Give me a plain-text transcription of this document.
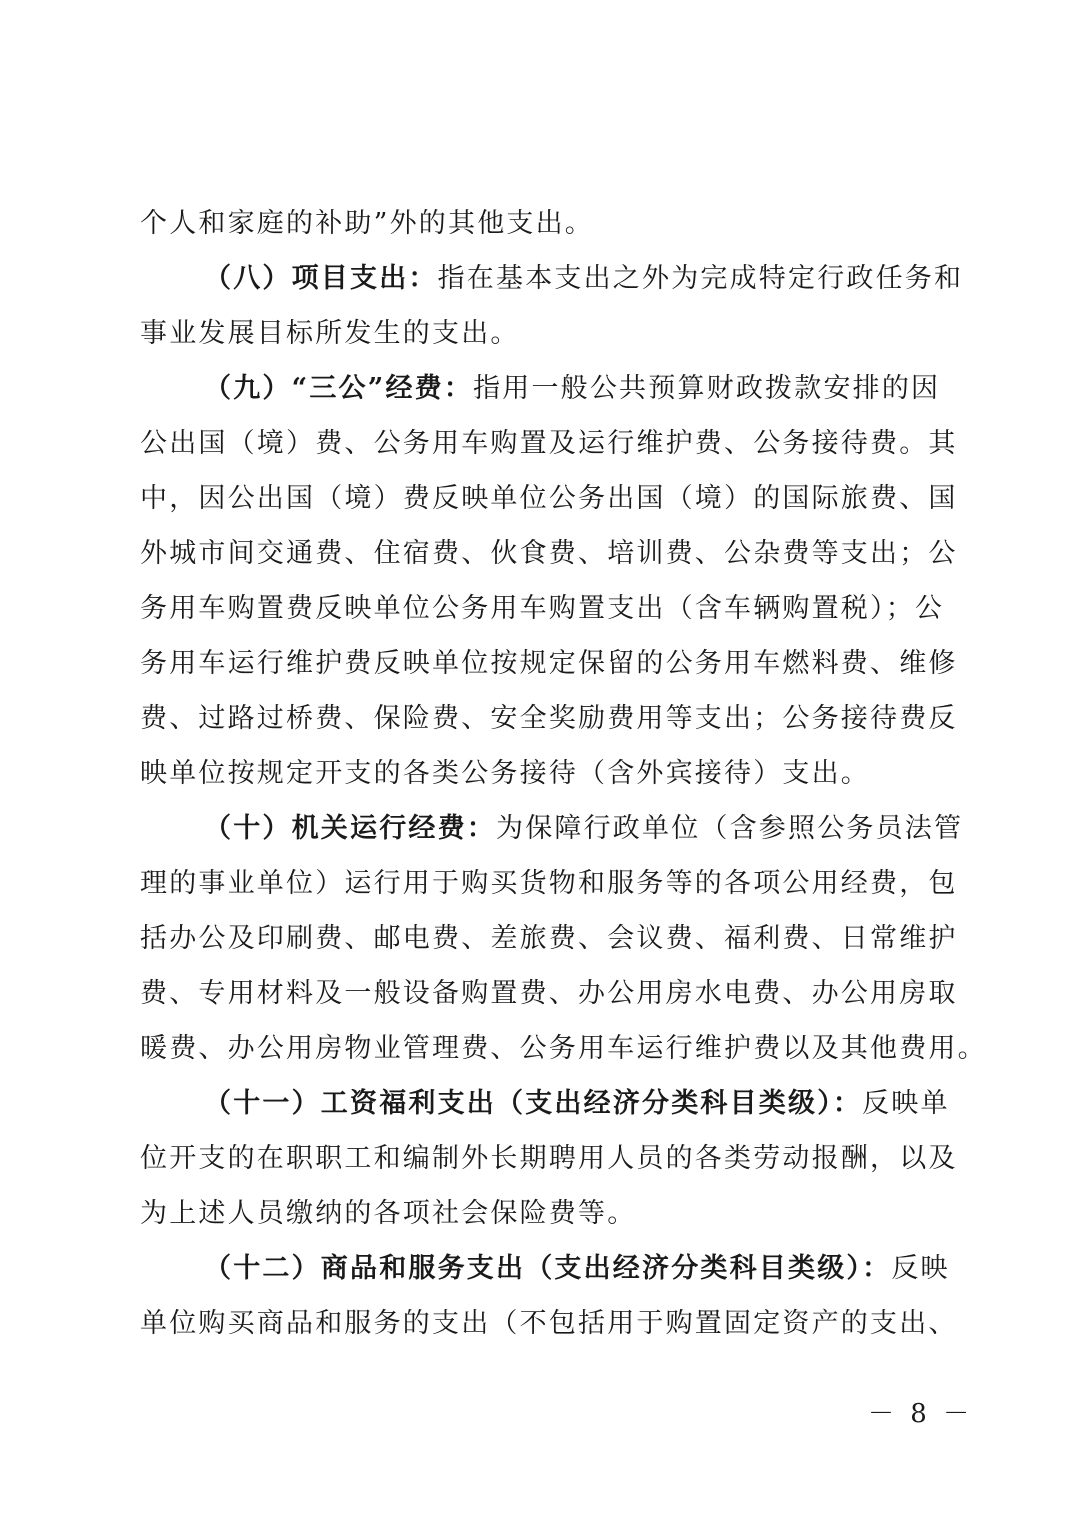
个人和家庭的补助”外的其他支出。
（八）项目支出：指在基本支出之外为完成特定行政任务和
事业发展目标所发生的支出。
（九）“三公”经费：指用一般公共预算财政拨款安排的因
公出国（境）费、公务用车购置及运行维护费、公务接待费。其
中，因公出国（境）费反映单位公务出国（境）的国际旅费、国
外城市间交通费、住宿费、伙食费、培训费、公杂费等支出；公
务用车购置费反映单位公务用车购置支出（含车辆购置税）；公
务用车运行维护费反映单位按规定保留的公务用车燃料费、维修
费、过路过桥费、保险费、安全奖励费用等支出；公务接待费反
映单位按规定开支的各类公务接待（含外宾接待）支出。
（十）机关运行经费：为保障行政单位（含参照公务员法管
理的事业单位）运行用于购买货物和服务等的各项公用经费，包
括办公及印刷费、邮电费、差旅费、会议费、福利费、日常维护
费、专用材料及一般设备购置费、办公用房水电费、办公用房取
暖费、办公用房物业管理费、公务用车运行维护费以及其他费用。
（十一）工资福利支出（支出经济分类科目类级）：反映单
位开支的在职职工和编制外长期聘用人员的各类劳动报酬，以及
为上述人员缴纳的各项社会保险费等。
（十二）商品和服务支出（支出经济分类科目类级）：反映
单位购买商品和服务的支出（不包括用于购置固定资产的支出、
－ 8 －
